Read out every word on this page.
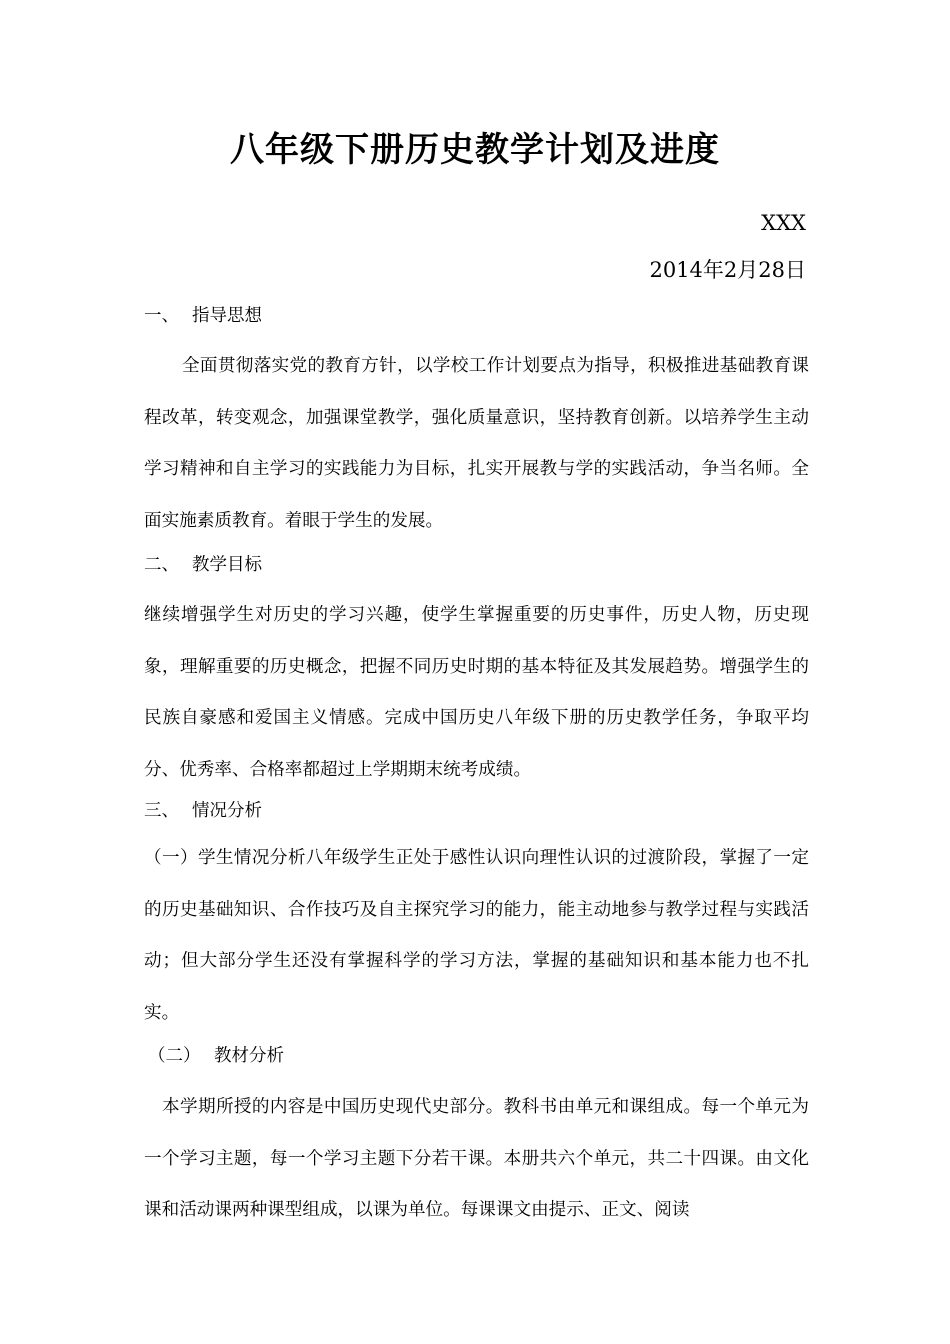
八年级下册历史教学计划及进度
XXX
2014年2月28日
一、 指导思想
全面贯彻落实党的教育方针，以学校工作计划要点为指导，积极推进基础教育课程改革，转变观念，加强课堂教学，强化质量意识，坚持教育创新。以培养学生主动学习精神和自主学习的实践能力为目标，扎实开展教与学的实践活动，争当名师。全面实施素质教育。着眼于学生的发展。
二、 教学目标
继续增强学生对历史的学习兴趣，使学生掌握重要的历史事件，历史人物，历史现象，理解重要的历史概念，把握不同历史时期的基本特征及其发展趋势。增强学生的民族自豪感和爱国主义情感。完成中国历史八年级下册的历史教学任务，争取平均分、优秀率、合格率都超过上学期期末统考成绩。
三、 情况分析
（一）学生情况分析八年级学生正处于感性认识向理性认识的过渡阶段，掌握了一定的历史基础知识、合作技巧及自主探究学习的能力，能主动地参与教学过程与实践活动；但大部分学生还没有掌握科学的学习方法，掌握的基础知识和基本能力也不扎实。
（二） 教材分析
本学期所授的内容是中国历史现代史部分。教科书由单元和课组成。每一个单元为一个学习主题，每一个学习主题下分若干课。本册共六个单元，共二十四课。由文化课和活动课两种课型组成，以课为单位。每课课文由提示、正文、阅读
